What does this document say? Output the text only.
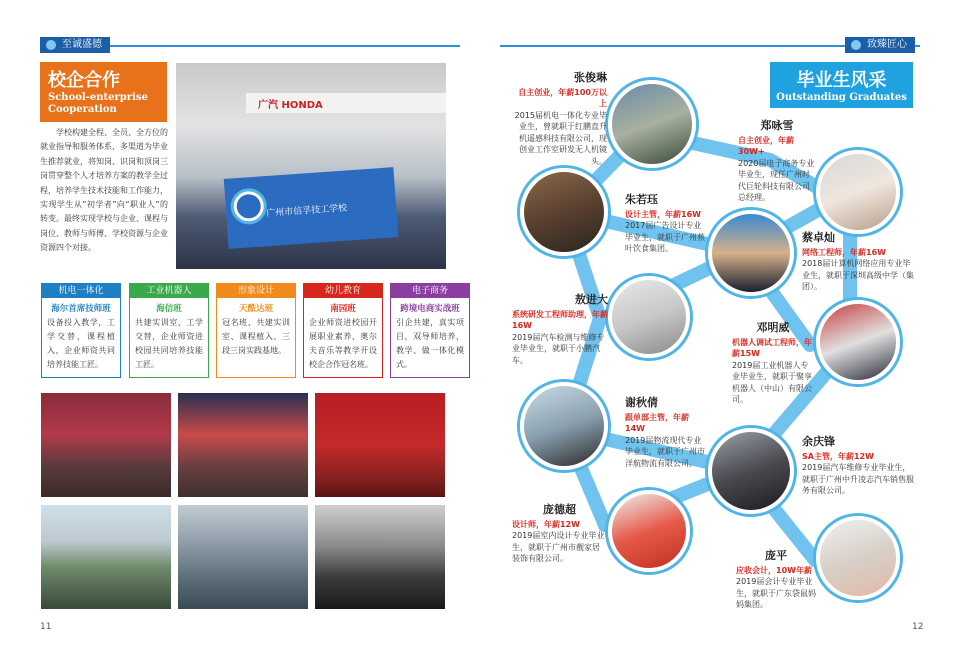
至诚盛德
校企合作
School-enterprise Cooperation
学校构建全程、全员、全方位的就业指导和服务体系，多渠道为毕业生推荐就业，将知岗、识岗和顶岗三岗贯穿整个人才培养方案的教学全过程，培养学生技术技能和工作能力，实现学生从“初学者”向“职业人”的转变。最终实现学校与企业、课程与岗位、教师与师傅、学校资源与企业资源四个对接。
广汽 HONDA
广州市信孚技工学校
机电一体化
海尔首席技师班
设备投入教学，工学交替，课程植入，企业师资共同培养技能工匠。
工业机器人
海信班
共建实训室，工学交替，企业师资进校园共同培养技能工匠。
形象设计
天酷达班
冠名班、共建实训室、课程植入、三段三岗实践基地。
幼儿教育
南园班
企业师资进校园开展职业素养、奥尔夫音乐等教学开设校企合作冠名班。
电子商务
跨境电商实战班
引企共建，真实项目，双导师培养，教学、做一体化模式。
11
致臻匠心
毕业生风采
Outstanding Graduates
张俊琳
自主创业，年薪100万以上
2015届机电一体化专业毕业生，曾就职于红鹏直升机遥感科技有限公司，现创业工作室研发无人机镜头。
郑咏雪
自主创业，年薪30W+
2020届电子商务专业毕业生，现任广州时代巨轮科技有限公司总经理。
朱若珏
设计主管，年薪16W
2017届广告设计专业毕业生，就职于广州蕉叶饮食集团。
蔡卓灿
网络工程师，年薪16W
2018届计算机网络应用专业毕业生，就职于深圳高级中学（集团）。
敖进大
系统研发工程师助理，年薪16W
2019届汽车检测与维修专业毕业生，就职于小鹏汽车。
邓明威
机器人调试工程师，年薪15W
2019届工业机器人专业毕业生，就职于聚享机器人（中山）有限公司。
谢秋倩
跟单部主管，年薪14W
2019届物流现代专业毕业生，就职于广州市洋航物流有限公司。
余庆锋
SA主管，年薪12W
2019届汽车维修专业毕业生，就职于广州中升凌志汽车销售服务有限公司。
庞德超
设计师，年薪12W
2019届室内设计专业毕业生，就职于广州市靓家居装饰有限公司。	庞平
应收会计，10W年薪
2019届会计专业毕业生，就职于广东袋鼠妈妈集团。
12
